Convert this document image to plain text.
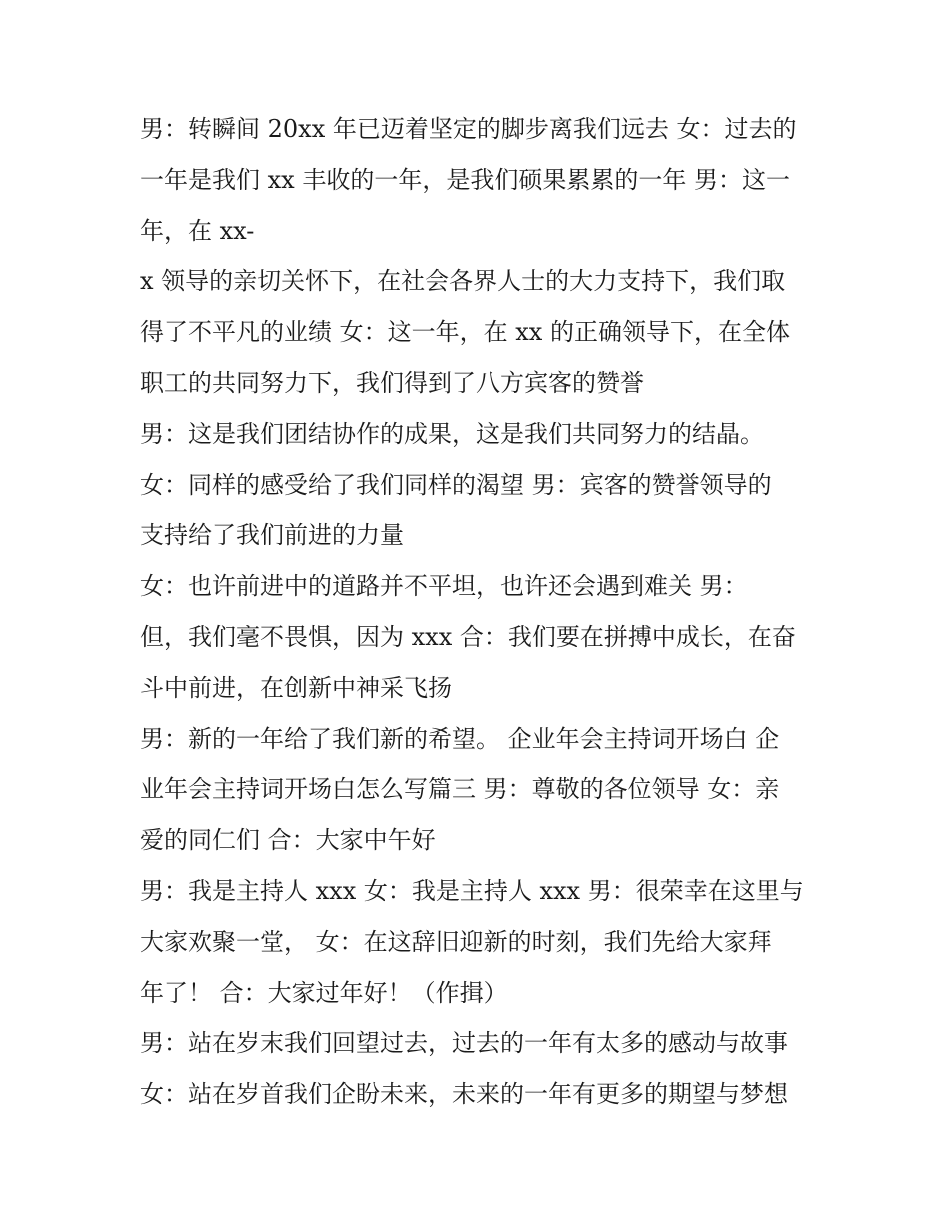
男：转瞬间 20xx 年已迈着坚定的脚步离我们远去 女：过去的
一年是我们 xx 丰收的一年，是我们硕果累累的一年 男：这一
年，在 xx-
x 领导的亲切关怀下，在社会各界人士的大力支持下，我们取
得了不平凡的业绩 女：这一年，在 xx 的正确领导下，在全体
职工的共同努力下，我们得到了八方宾客的赞誉
男：这是我们团结协作的成果，这是我们共同努力的结晶。
女：同样的感受给了我们同样的渴望 男：宾客的赞誉领导的
支持给了我们前进的力量
女：也许前进中的道路并不平坦，也许还会遇到难关 男：
但，我们毫不畏惧，因为 xxx 合：我们要在拼搏中成长，在奋
斗中前进，在创新中神采飞扬
男：新的一年给了我们新的希望。 企业年会主持词开场白 企
业年会主持词开场白怎么写篇三 男：尊敬的各位领导 女：亲
爱的同仁们 合：大家中午好
男：我是主持人 xxx 女：我是主持人 xxx 男：很荣幸在这里与
大家欢聚一堂， 女：在这辞旧迎新的时刻，我们先给大家拜
年了！ 合：大家过年好！（作揖）
男：站在岁末我们回望过去，过去的一年有太多的感动与故事
女：站在岁首我们企盼未来，未来的一年有更多的期望与梦想
